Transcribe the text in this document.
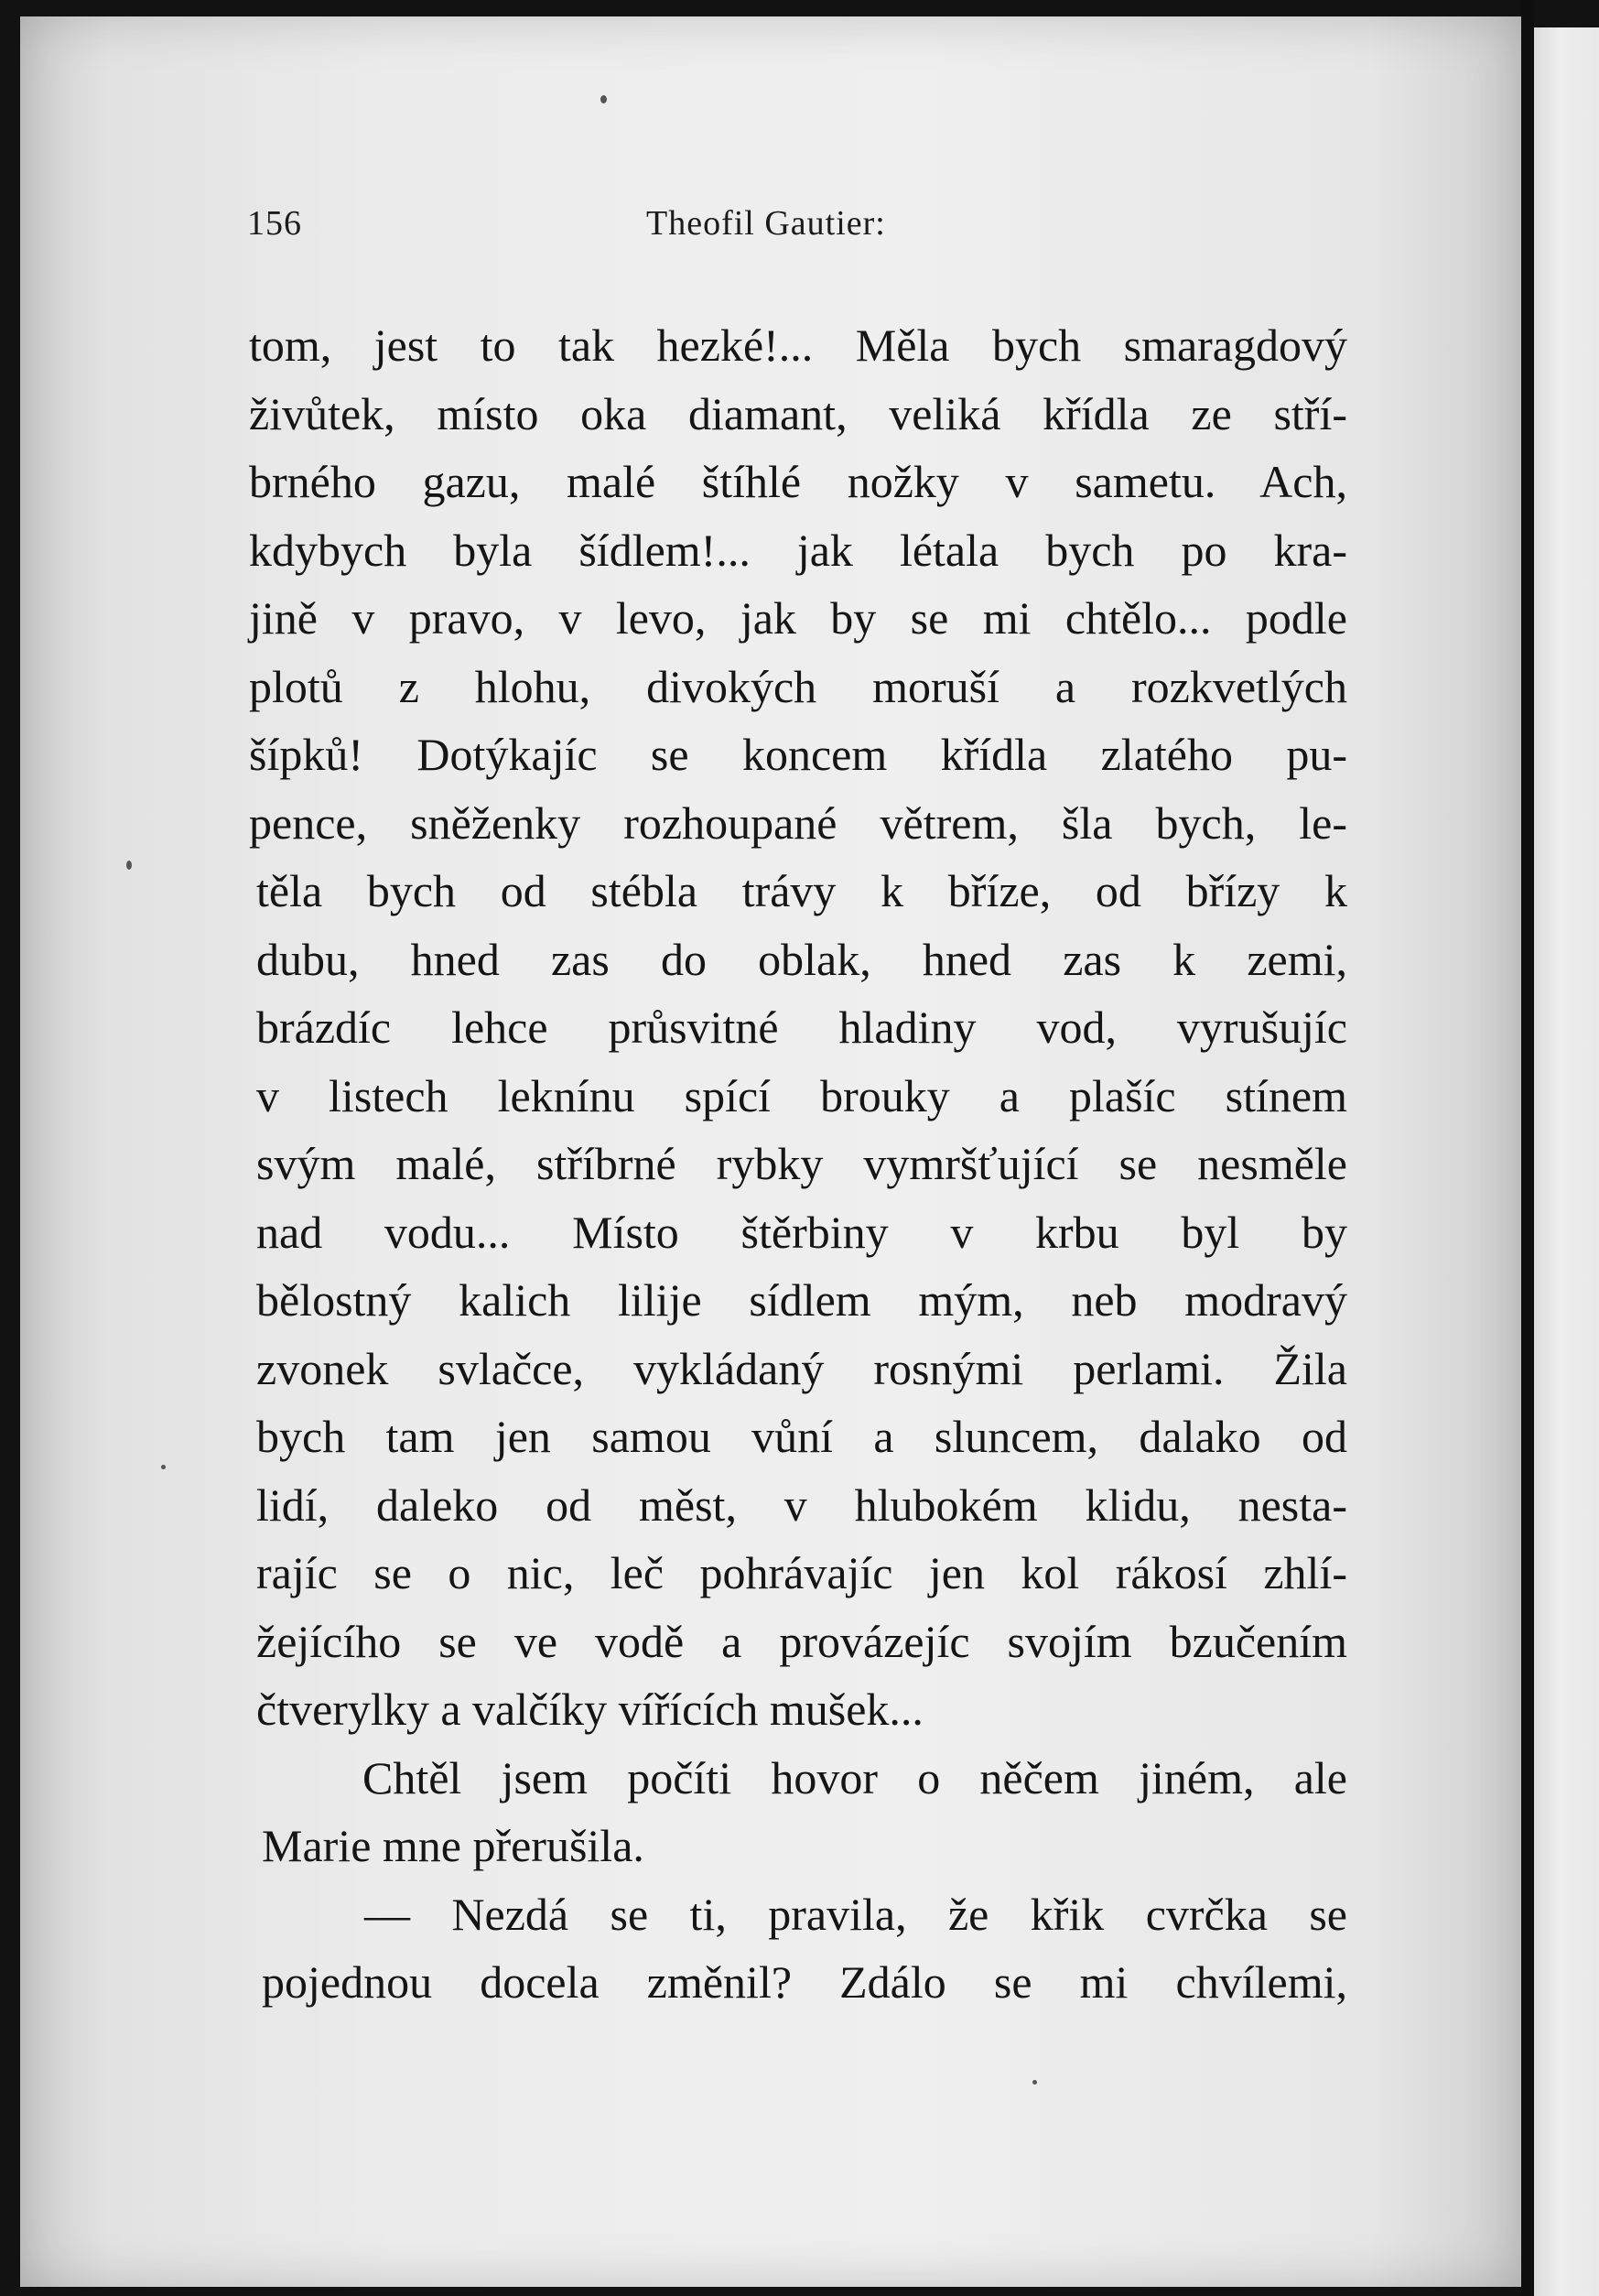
156	Theofil Gautier:
tom, jest to tak hezké!... Měla bych smaragdový
živůtek, místo oka diamant, veliká křídla ze stří-
brného gazu, malé štíhlé nožky v sametu. Ach,
kdybych byla šídlem!... jak létala bych po kra-
jině v pravo, v levo, jak by se mi chtělo... podle
plotů z hlohu, divokých moruší a rozkvetlých
šípků! Dotýkajíc se koncem křídla zlatého pu-
pence, sněženky rozhoupané větrem, šla bych, le-
těla bych od stébla trávy k bříze, od břízy k
dubu, hned zas do oblak, hned zas k zemi,
brázdíc lehce průsvitné hladiny vod, vyrušujíc
v listech leknínu spící brouky a plašíc stínem
svým malé, stříbrné rybky vymršťující se nesměle
nad vodu... Místo štěrbiny v krbu byl by
bělostný kalich lilije sídlem mým, neb modravý
zvonek svlačce, vykládaný rosnými perlami. Žila
bych tam jen samou vůní a sluncem, dalako od
lidí, daleko od měst, v hlubokém klidu, nesta-
rajíc se o nic, leč pohrávajíc jen kol rákosí zhlí-
žejícího se ve vodě a provázejíc svojím bzučením
čtverylky a valčíky vířících mušek...
Chtěl jsem počíti hovor o něčem jiném, ale
Marie mne přerušila.
— Nezdá se ti, pravila, že křik cvrčka se
pojednou docela změnil? Zdálo se mi chvílemi,
